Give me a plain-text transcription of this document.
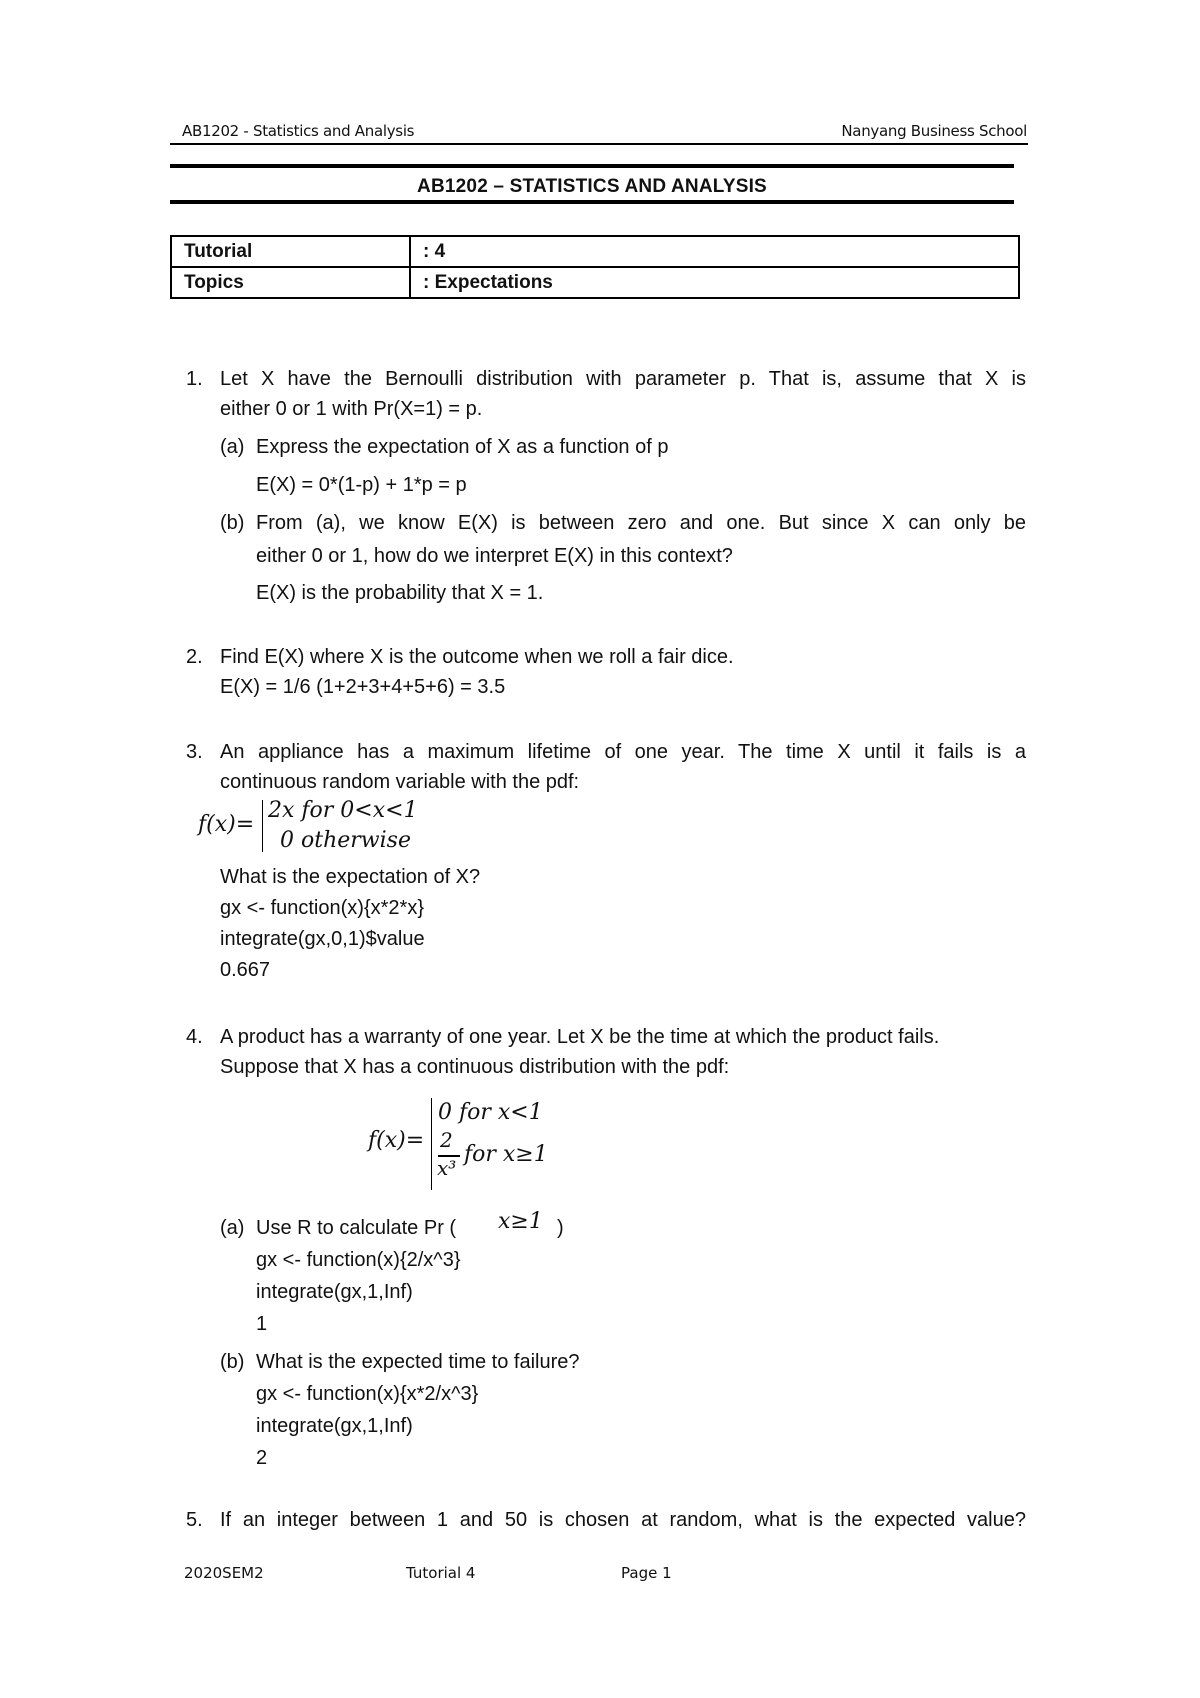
AB1202 - Statistics and Analysis	Nanyang Business School
AB1202 – STATISTICS AND ANALYSIS
Tutorial	: 4
Topics	: Expectations
1. Let X have the Bernoulli distribution with parameter p. That is, assume that X is
either 0 or 1 with Pr(X=1) = p.
(a) Express the expectation of X as a function of p
E(X) = 0*(1-p) + 1*p = p
(b) From (a), we know E(X) is between zero and one. But since X can only be
either 0 or 1, how do we interpret E(X) in this context?
E(X) is the probability that X = 1.
2. Find E(X) where X is the outcome when we roll a fair dice.
E(X) = 1/6 (1+2+3+4+5+6) = 3.5
3. An appliance has a maximum lifetime of one year. The time X until it fails is a
continuous random variable with the pdf:
f(x)=
2x for 0<x<1
0 otherwise
What is the expectation of X?
gx <- function(x){x*2*x}
integrate(gx,0,1)$value
0.667
4. A product has a warranty of one year. Let X be the time at which the product fails.
Suppose that X has a continuous distribution with the pdf:
f(x)=
0 for x<1
2
x³
for x≥1
(a) Use R to calculate Pr ( x≥1 )
gx <- function(x){2/x^3}
integrate(gx,1,Inf)
1
(b) What is the expected time to failure?
gx <- function(x){x*2/x^3}
integrate(gx,1,Inf)
2
5. If an integer between 1 and 50 is chosen at random, what is the expected value?
2020SEM2	Tutorial 4	Page 1
